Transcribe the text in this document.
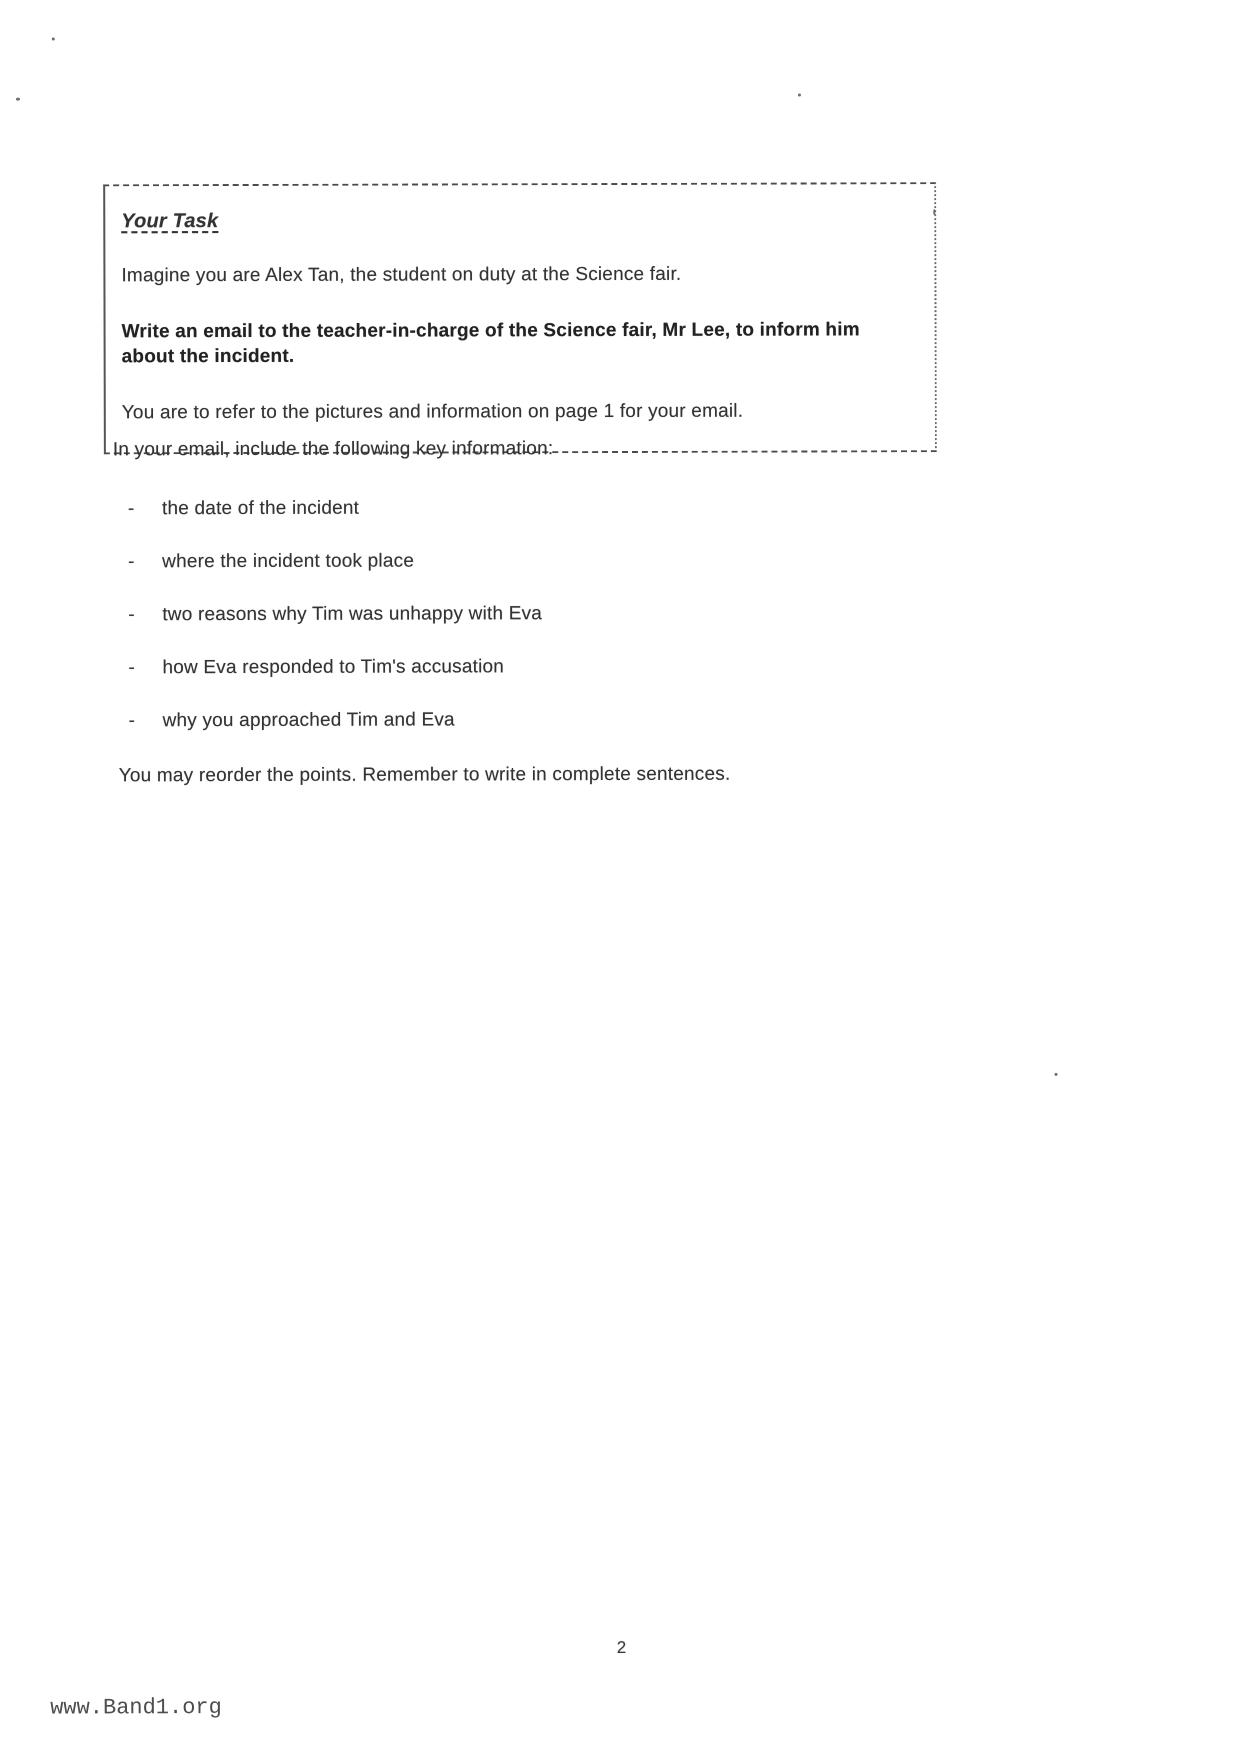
Your Task
Imagine you are Alex Tan, the student on duty at the Science fair.
Write an email to the teacher-in-charge of the Science fair, Mr Lee, to inform him about the incident.
You are to refer to the pictures and information on page 1 for your email.
In your email, include the following key information:
-	the date of the incident
-	where the incident took place
-	two reasons why Tim was unhappy with Eva
-	how Eva responded to Tim's accusation
-	why you approached Tim and Eva
You may reorder the points. Remember to write in complete sentences.
2
www.Band1.org
